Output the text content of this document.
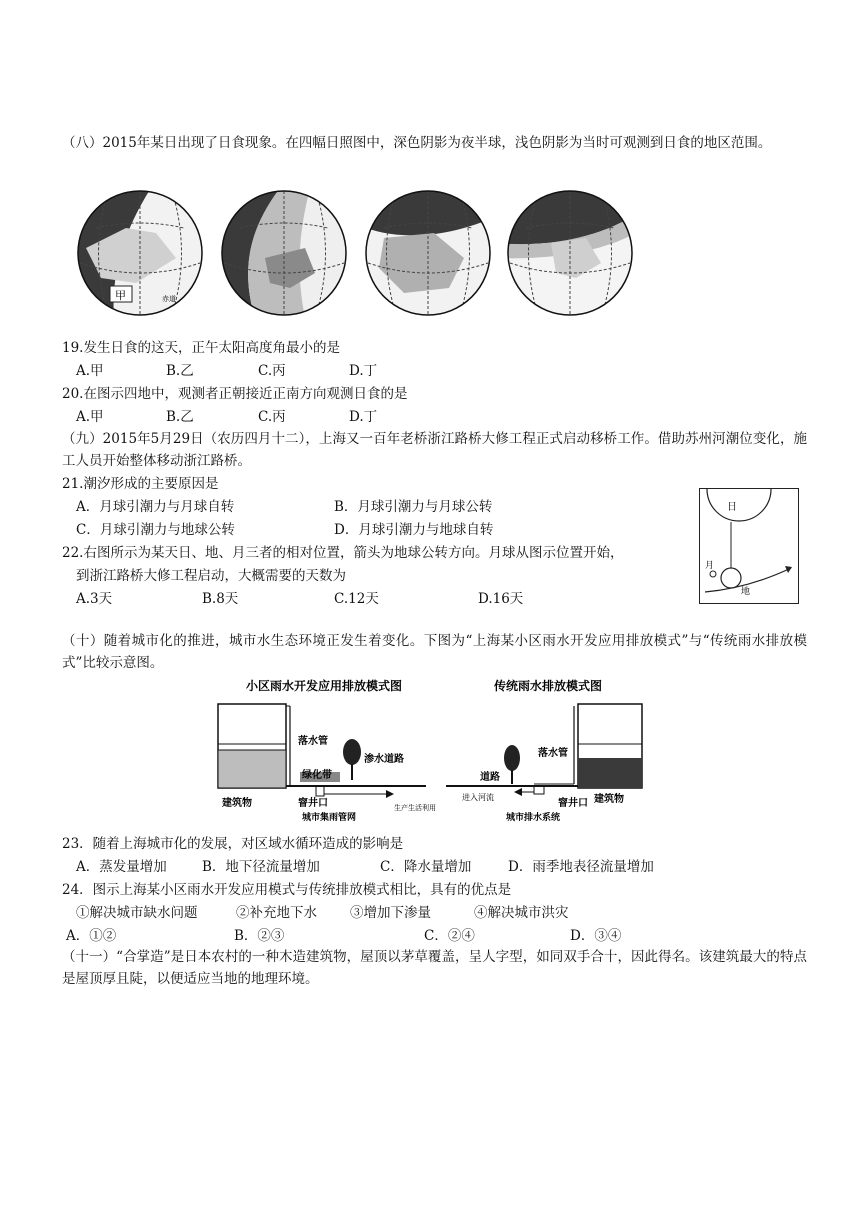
（八）2015年某日出现了日食现象。在四幅日照图中，深色阴影为夜半球，浅色阴影为当时可观测到日食的地区范围。
甲	赤道
19.发生日食的这天，正午太阳高度角最小的是
A.甲	B.乙	C.丙	D.丁
20.在图示四地中，观测者正朝接近正南方向观测日食的是
A.甲	B.乙	C.丙	D.丁
（九）2015年5月29日（农历四月十二），上海又一百年老桥浙江路桥大修工程正式启动移桥工作。借助苏州河潮位变化，施工人员开始整体移动浙江路桥。
21.潮汐形成的主要原因是
A．月球引潮力与月球自转	B．月球引潮力与月球公转
C．月球引潮力与地球公转	D．月球引潮力与地球自转
22.右图所示为某天日、地、月三者的相对位置，箭头为地球公转方向。月球从图示位置开始，
到浙江路桥大修工程启动，大概需要的天数为
A.3天	B.8天	C.12天	D.16天
日
月
地
（十）随着城市化的推进，城市水生态环境正发生着变化。下图为“上海某小区雨水开发应用排放模式”与“传统雨水排放模式”比较示意图。
小区雨水开发应用排放模式图
落水管
渗水道路
绿化带
建筑物	窨井口
城市集雨管网
生产生活利用
传统雨水排放模式图
落水管
道路
进入河流
窨井口 建筑物
城市排水系统
23．随着上海城市化的发展，对区域水循环造成的影响是
A．蒸发量增加	B．地下径流量增加	C．降水量增加	D．雨季地表径流量增加
24．图示上海某小区雨水开发应用模式与传统排放模式相比，具有的优点是
①解决城市缺水问题	②补充地下水 ③增加下渗量	④解决城市洪灾
A．①②	B．②③	C．②④	D．③④
（十一）“合掌造”是日本农村的一种木造建筑物，屋顶以茅草覆盖，呈人字型，如同双手合十，因此得名。该建筑最大的特点是屋顶厚且陡，以便适应当地的地理环境。
